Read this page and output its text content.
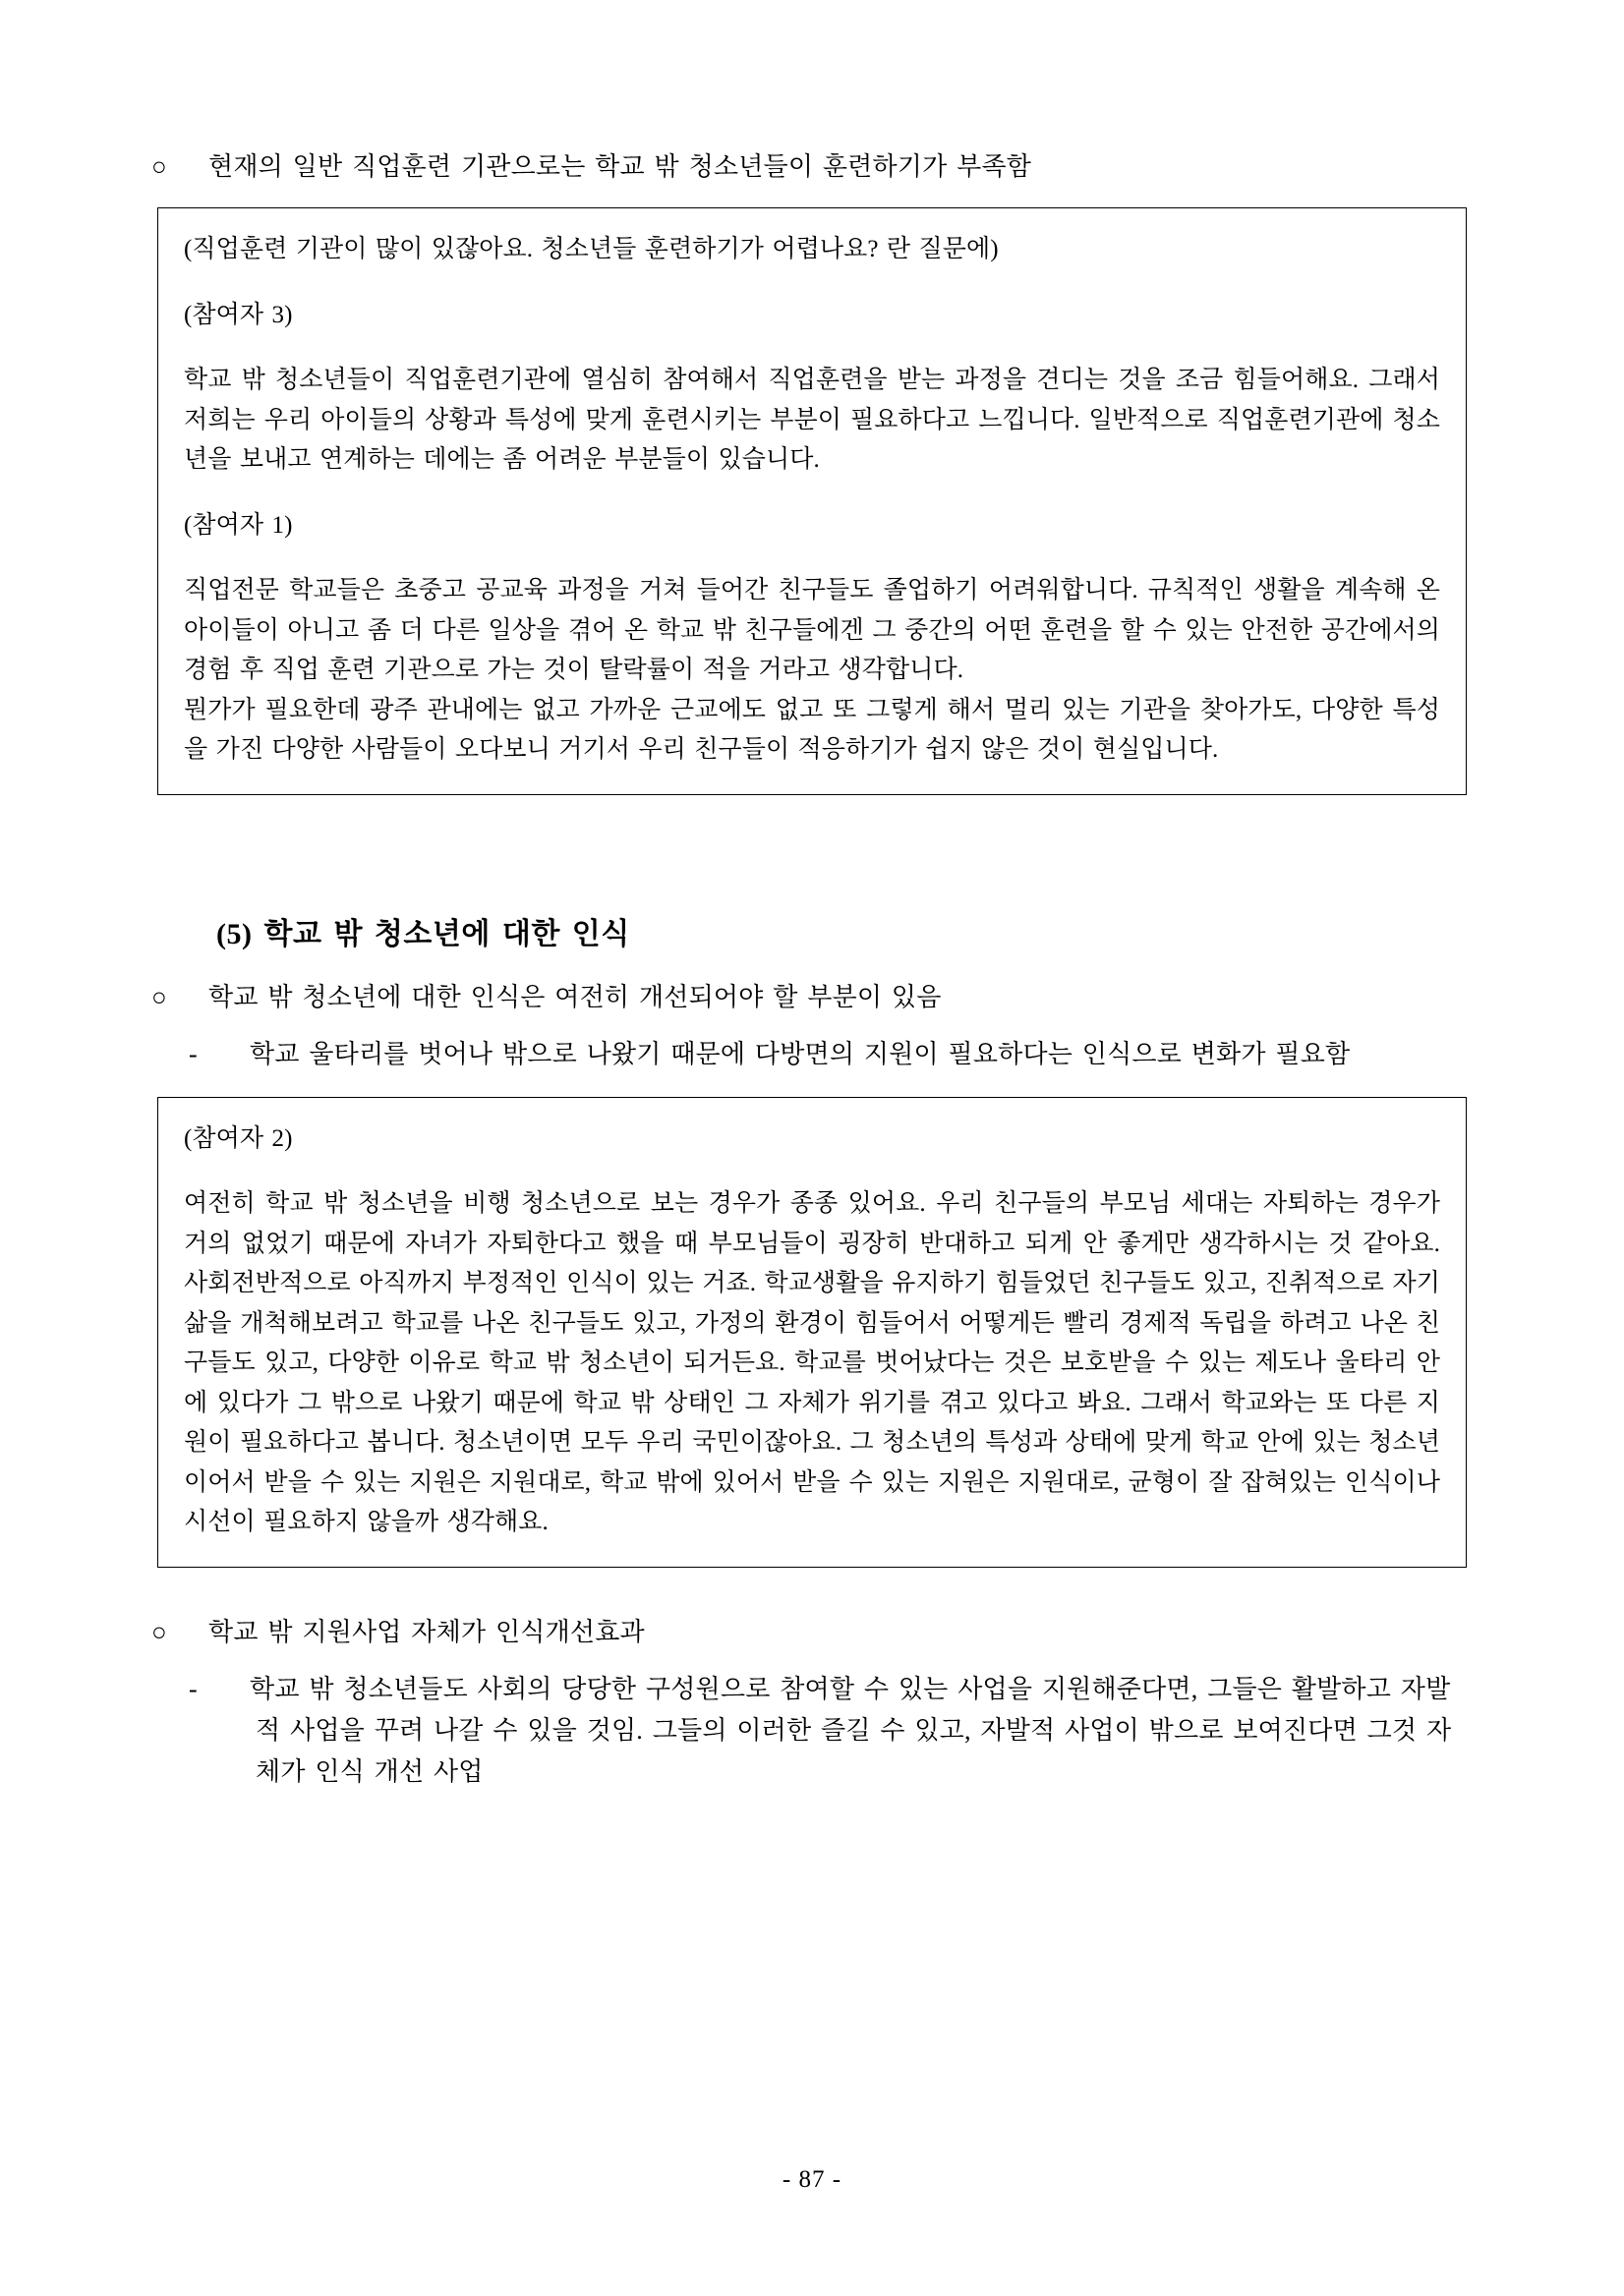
○ 현재의 일반 직업훈련 기관으로는 학교 밖 청소년들이 훈련하기가 부족함

(직업훈련 기관이 많이 있잖아요. 청소년들 훈련하기가 어렵나요? 란 질문에)

(참여자 3)

학교 밖 청소년들이 직업훈련기관에 열심히 참여해서 직업훈련을 받는 과정을 견디는 것을 조금 힘들어해요. 그래서 저희는 우리 아이들의 상황과 특성에 맞게 훈련시키는 부분이 필요하다고 느낍니다. 일반적으로 직업훈련기관에 청소년을 보내고 연계하는 데에는 좀 어려운 부분들이 있습니다.

(참여자 1)

직업전문 학교들은 초중고 공교육 과정을 거쳐 들어간 친구들도 졸업하기 어려워합니다. 규칙적인 생활을 계속해 온 아이들이 아니고 좀 더 다른 일상을 겪어 온 학교 밖 친구들에겐 그 중간의 어떤 훈련을 할 수 있는 안전한 공간에서의 경험 후 직업 훈련 기관으로 가는 것이 탈락률이 적을 거라고 생각합니다.

뭔가가 필요한데 광주 관내에는 없고 가까운 근교에도 없고 또 그렇게 해서 멀리 있는 기관을 찾아가도, 다양한 특성을 가진 다양한 사람들이 오다보니 거기서 우리 친구들이 적응하기가 쉽지 않은 것이 현실입니다.

(5) 학교 밖 청소년에 대한 인식

○ 학교 밖 청소년에 대한 인식은 여전히 개선되어야 할 부분이 있음

- 학교 울타리를 벗어나 밖으로 나왔기 때문에 다방면의 지원이 필요하다는 인식으로 변화가 필요함

(참여자 2)

여전히 학교 밖 청소년을 비행 청소년으로 보는 경우가 종종 있어요. 우리 친구들의 부모님 세대는 자퇴하는 경우가 거의 없었기 때문에 자녀가 자퇴한다고 했을 때 부모님들이 굉장히 반대하고 되게 안 좋게만 생각하시는 것 같아요. 사회전반적으로 아직까지 부정적인 인식이 있는 거죠. 학교생활을 유지하기 힘들었던 친구들도 있고, 진취적으로 자기 삶을 개척해보려고 학교를 나온 친구들도 있고, 가정의 환경이 힘들어서 어떻게든 빨리 경제적 독립을 하려고 나온 친구들도 있고, 다양한 이유로 학교 밖 청소년이 되거든요. 학교를 벗어났다는 것은 보호받을 수 있는 제도나 울타리 안에 있다가 그 밖으로 나왔기 때문에 학교 밖 상태인 그 자체가 위기를 겪고 있다고 봐요. 그래서 학교와는 또 다른 지원이 필요하다고 봅니다. 청소년이면 모두 우리 국민이잖아요. 그 청소년의 특성과 상태에 맞게 학교 안에 있는 청소년이어서 받을 수 있는 지원은 지원대로, 학교 밖에 있어서 받을 수 있는 지원은 지원대로, 균형이 잘 잡혀있는 인식이나 시선이 필요하지 않을까 생각해요.

○ 학교 밖 지원사업 자체가 인식개선효과

- 학교 밖 청소년들도 사회의 당당한 구성원으로 참여할 수 있는 사업을 지원해준다면, 그들은 활발하고 자발적 사업을 꾸려 나갈 수 있을 것임. 그들의 이러한 즐길 수 있고, 자발적 사업이 밖으로 보여진다면 그것 자체가 인식 개선 사업

- 87 -
